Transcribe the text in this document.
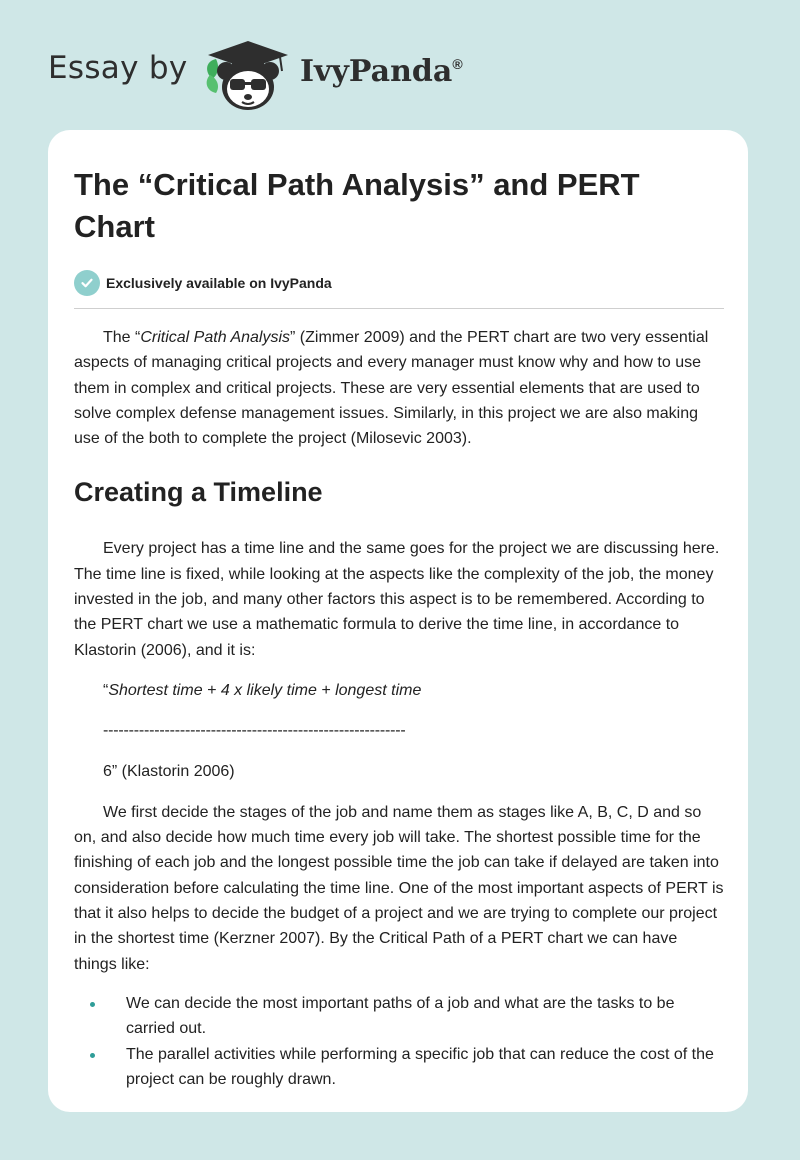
Essay by	IvyPanda®
The “Critical Path Analysis” and PERT Chart
Exclusively available on IvyPanda

The “Critical Path Analysis” (Zimmer 2009) and the PERT chart are two very essential aspects of managing critical projects and every manager must know why and how to use them in complex and critical projects. These are very essential elements that are used to solve complex defense management issues. Similarly, in this project we are also making use of the both to complete the project (Milosevic 2003).

Creating a Timeline

Every project has a time line and the same goes for the project we are discussing here. The time line is fixed, while looking at the aspects like the complexity of the job, the money invested in the job, and many other factors this aspect is to be remembered. According to the PERT chart we use a mathematic formula to derive the time line, in accordance to Klastorin (2006), and it is:

“Shortest time + 4 x likely time + longest time

-----------------------------------------------------------

6” (Klastorin 2006)

We first decide the stages of the job and name them as stages like A, B, C, D and so on, and also decide how much time every job will take. The shortest possible time for the finishing of each job and the longest possible time the job can take if delayed are taken into consideration before calculating the time line. One of the most important aspects of PERT is that it also helps to decide the budget of a project and we are trying to complete our project in the shortest time (Kerzner 2007). By the Critical Path of a PERT chart we can have things like:

We can decide the most important paths of a job and what are the tasks to be carried out.
The parallel activities while performing a specific job that can reduce the cost of the project can be roughly drawn.
